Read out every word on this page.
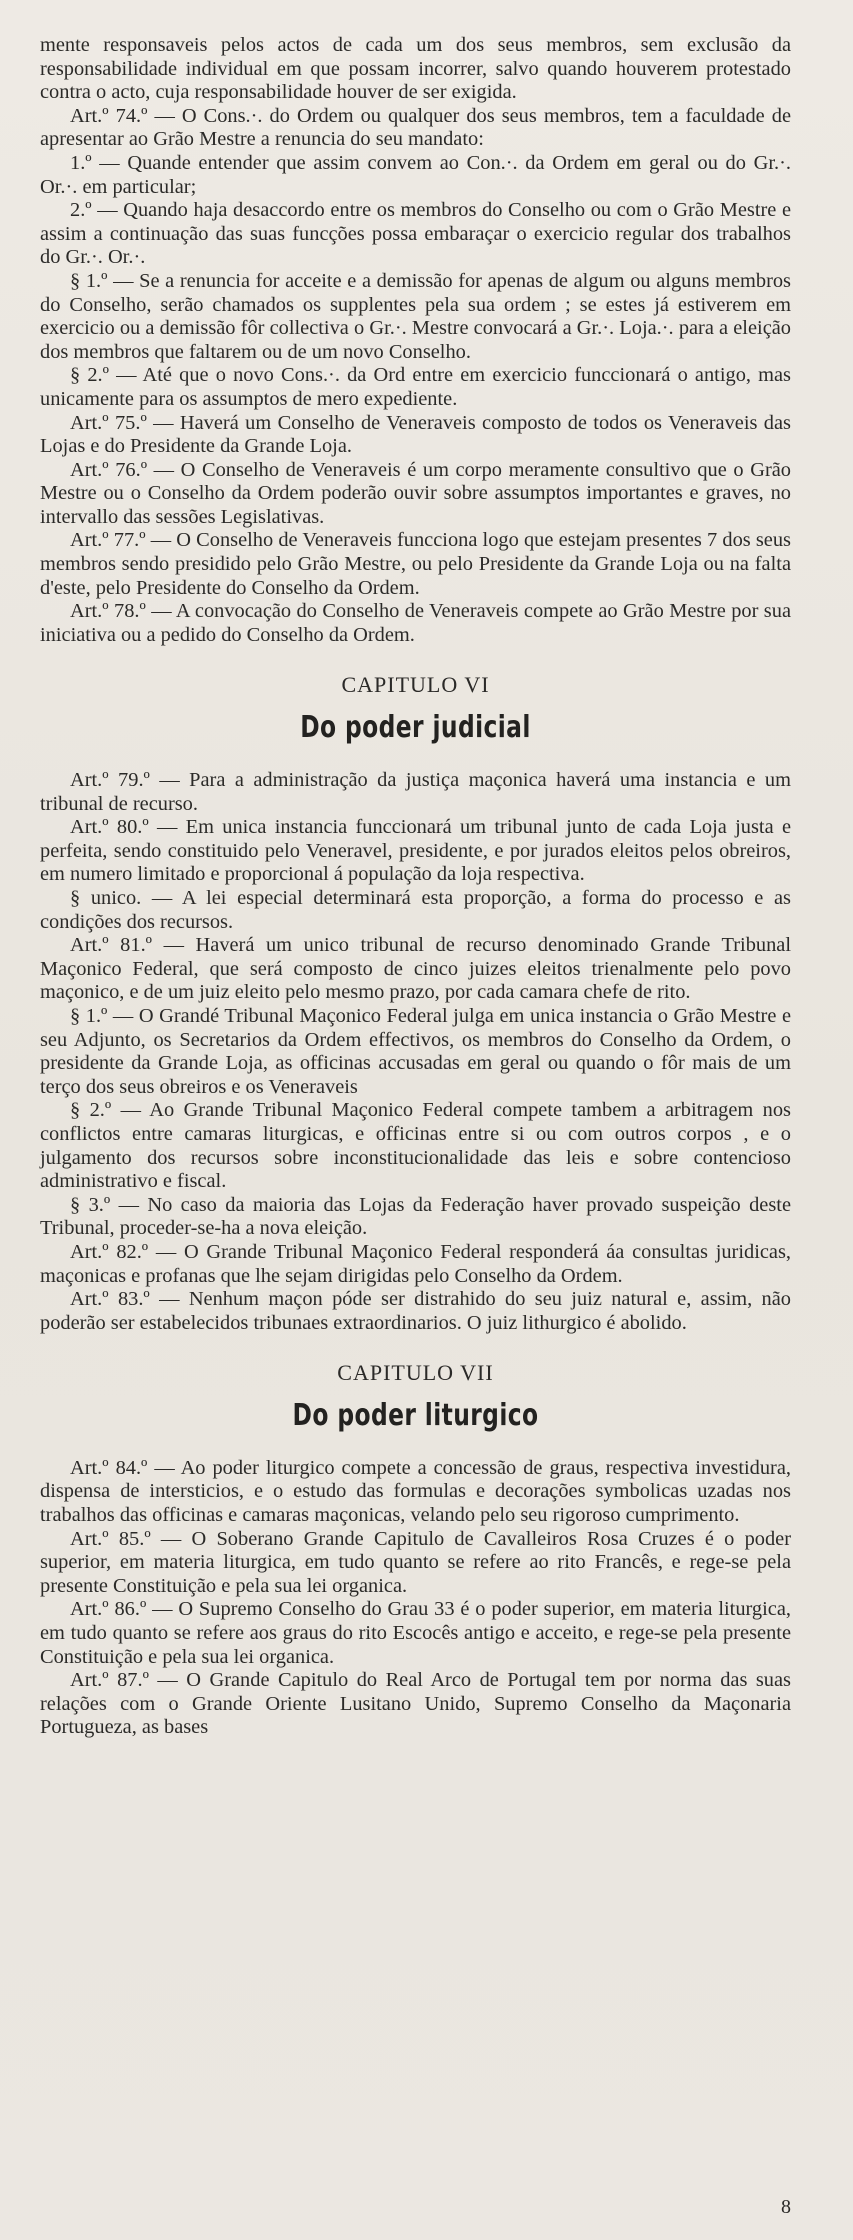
mente responsaveis pelos actos de cada um dos seus membros, sem exclusão da responsabilidade individual em que possam incorrer, salvo quando houverem protestado contra o acto, cuja responsabilidade houver de ser exigida.

Art.º 74.º — O Cons.·. do Ordem ou qualquer dos seus membros, tem a faculdade de apresentar ao Grão Mestre a renuncia do seu mandato:

1.º — Quande entender que assim convem ao Con.·. da Ordem em geral ou do Gr.·. Or.·. em particular;

2.º — Quando haja desaccordo entre os membros do Conselho ou com o Grão Mestre e assim a continuação das suas funcções possa embaraçar o exercicio regular dos trabalhos do Gr.·. Or.·.

§ 1.º — Se a renuncia for acceite e a demissão for apenas de algum ou alguns membros do Conselho, serão chamados os supplentes pela sua ordem ; se estes já estiverem em exercicio ou a demissão fôr collectiva o Gr.·. Mestre convocará a Gr.·. Loja.·. para a eleição dos membros que faltarem ou de um novo Conselho.

§ 2.º — Até que o novo Cons.·. da Ord entre em exercicio funccionará o antigo, mas unicamente para os assumptos de mero expediente.

Art.º 75.º — Haverá um Conselho de Veneraveis composto de todos os Veneraveis das Lojas e do Presidente da Grande Loja.

Art.º 76.º — O Conselho de Veneraveis é um corpo meramente consultivo que o Grão Mestre ou o Conselho da Ordem poderão ouvir sobre assumptos importantes e graves, no intervallo das sessões Legislativas.

Art.º 77.º — O Conselho de Veneraveis funcciona logo que estejam presentes 7 dos seus membros sendo presidido pelo Grão Mestre, ou pelo Presidente da Grande Loja ou na falta d'este, pelo Presidente do Conselho da Ordem.

Art.º 78.º — A convocação do Conselho de Veneraveis compete ao Grão Mestre por sua iniciativa ou a pedido do Conselho da Ordem.

CAPITULO VI
Do poder judicial

Art.º 79.º — Para a administração da justiça maçonica haverá uma instancia e um tribunal de recurso.

Art.º 80.º — Em unica instancia funccionará um tribunal junto de cada Loja justa e perfeita, sendo constituido pelo Veneravel, presidente, e por jurados eleitos pelos obreiros, em numero limitado e proporcional á população da loja respectiva.

§ unico. — A lei especial determinará esta proporção, a forma do processo e as condições dos recursos.

Art.º 81.º — Haverá um unico tribunal de recurso denominado Grande Tribunal Maçonico Federal, que será composto de cinco juizes eleitos trienalmente pelo povo maçonico, e de um juiz eleito pelo mesmo prazo, por cada camara chefe de rito.

§ 1.º — O Grandé Tribunal Maçonico Federal julga em unica instancia o Grão Mestre e seu Adjunto, os Secretarios da Ordem effectivos, os membros do Conselho da Ordem, o presidente da Grande Loja, as officinas accusadas em geral ou quando o fôr mais de um terço dos seus obreiros e os Veneraveis

§ 2.º — Ao Grande Tribunal Maçonico Federal compete tambem a arbitragem nos conflictos entre camaras liturgicas, e officinas entre si ou com outros corpos , e o julgamento dos recursos sobre inconstitucionalidade das leis e sobre contencioso administrativo e fiscal.

§ 3.º — No caso da maioria das Lojas da Federação haver provado suspeição deste Tribunal, proceder-se-ha a nova eleição.

Art.º 82.º — O Grande Tribunal Maçonico Federal responderá áa consultas juridicas, maçonicas e profanas que lhe sejam dirigidas pelo Conselho da Ordem.

Art.º 83.º — Nenhum maçon póde ser distrahido do seu juiz natural e, assim, não poderão ser estabelecidos tribunaes extraordinarios. O juiz lithurgico é abolido.

CAPITULO VII
Do poder liturgico

Art.º 84.º — Ao poder liturgico compete a concessão de graus, respectiva investidura, dispensa de intersticios, e o estudo das formulas e decorações symbolicas uzadas nos trabalhos das officinas e camaras maçonicas, velando pelo seu rigoroso cumprimento.

Art.º 85.º — O Soberano Grande Capitulo de Cavalleiros Rosa Cruzes é o poder superior, em materia liturgica, em tudo quanto se refere ao rito Francês, e rege-se pela presente Constituição e pela sua lei organica.

Art.º 86.º — O Supremo Conselho do Grau 33 é o poder superior, em materia liturgica, em tudo quanto se refere aos graus do rito Escocês antigo e acceito, e rege-se pela presente Constituição e pela sua lei organica.

Art.º 87.º — O Grande Capitulo do Real Arco de Portugal tem por norma das suas relações com o Grande Oriente Lusitano Unido, Supremo Conselho da Maçonaria Portugueza, as bases

8
